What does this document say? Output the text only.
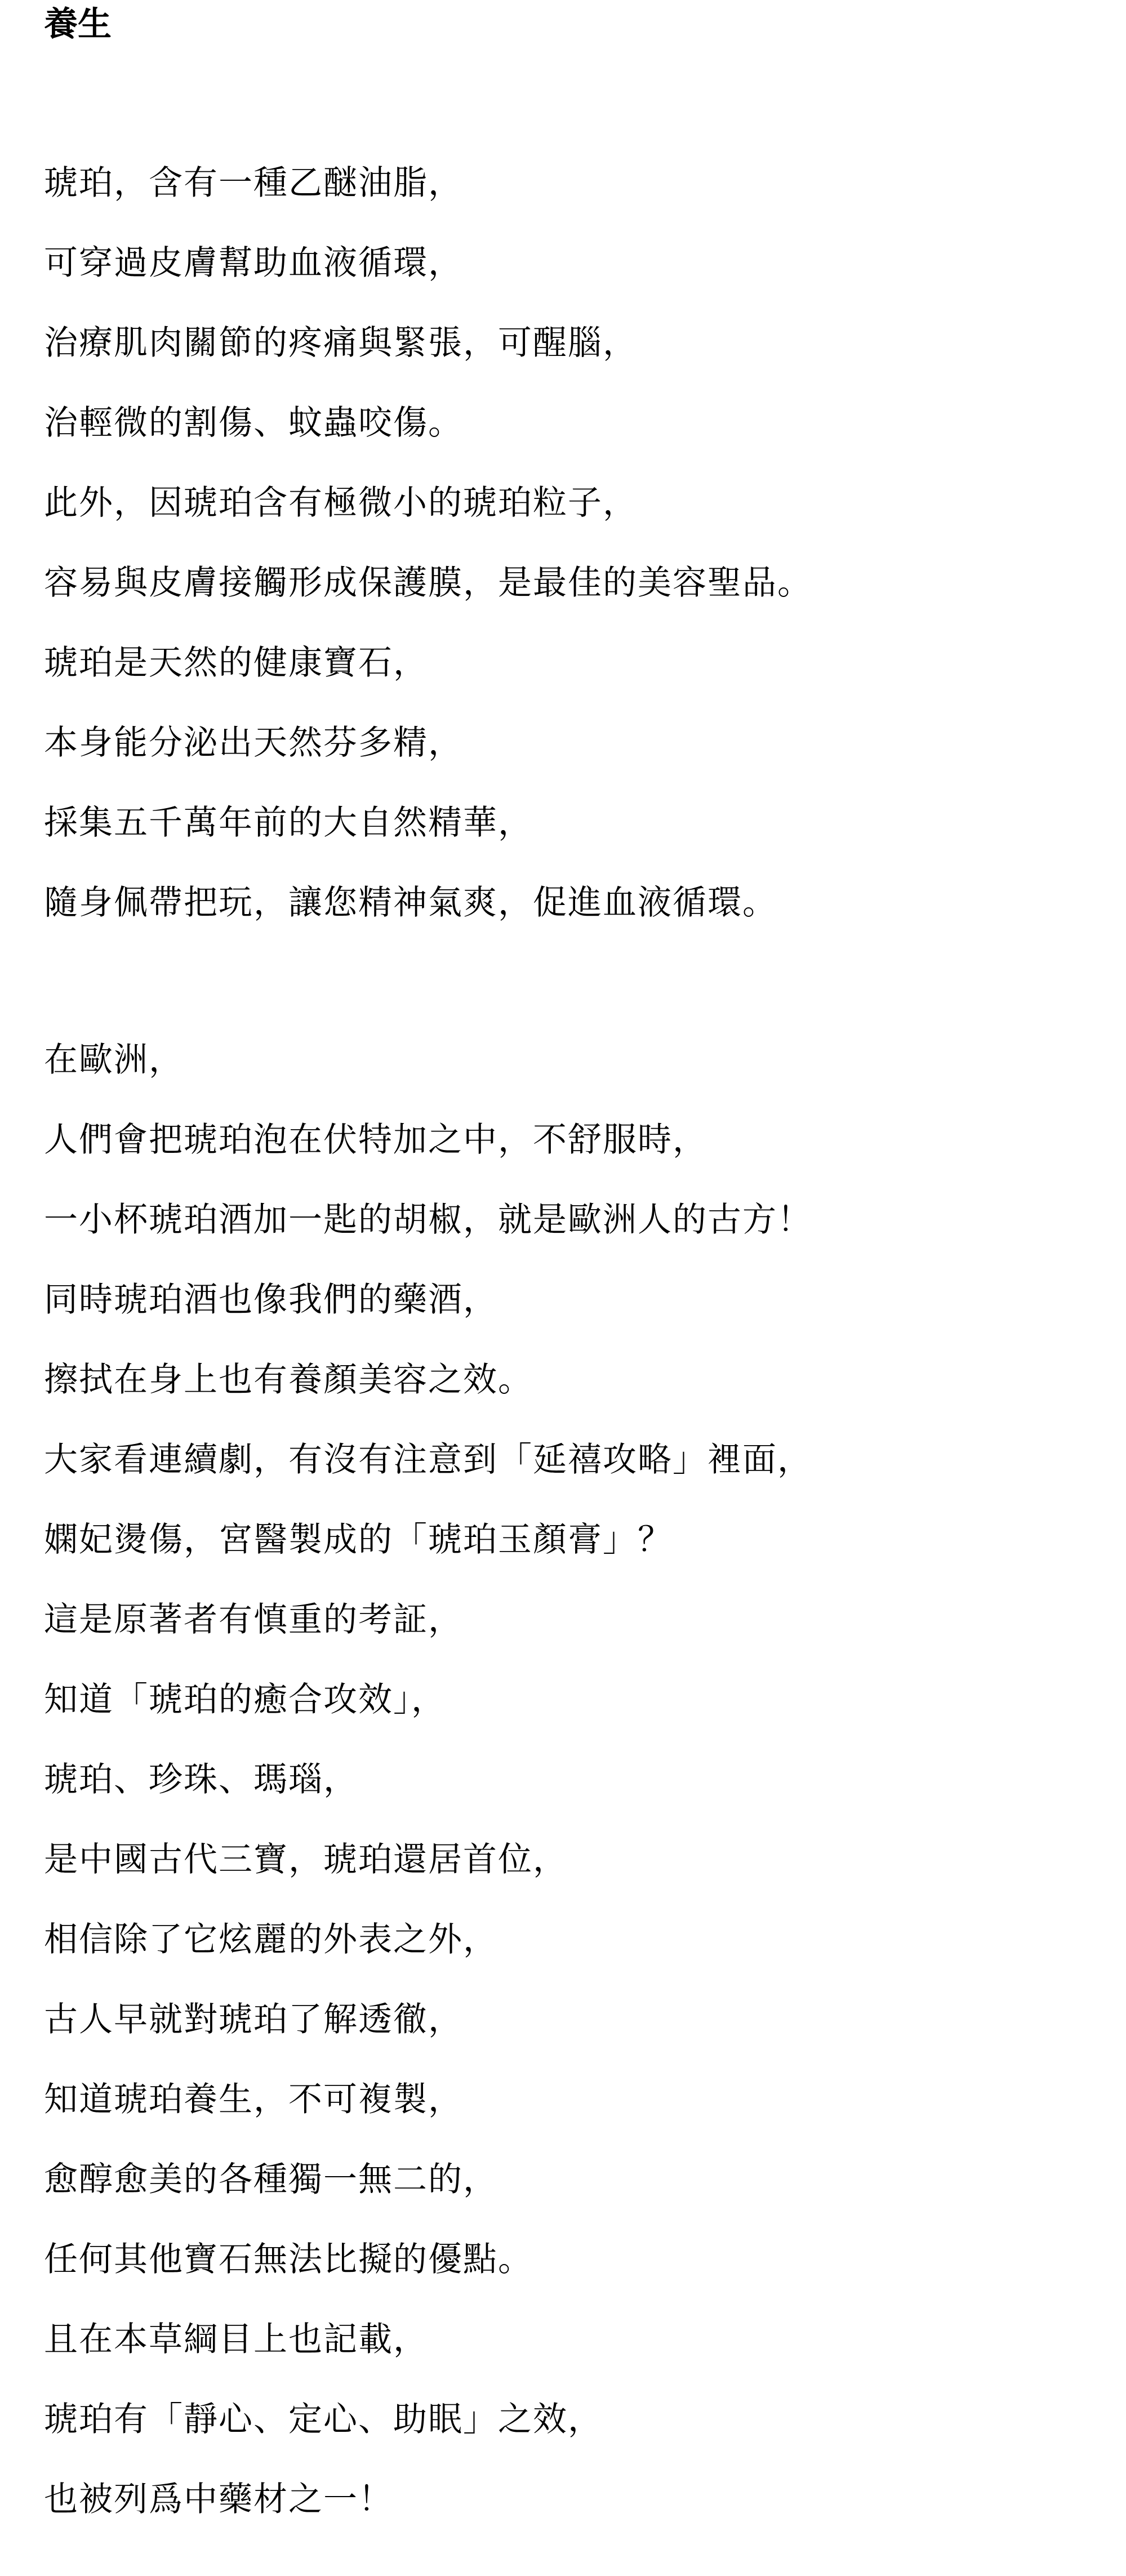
養生
琥珀，含有一種乙醚油脂，
可穿過皮膚幫助血液循環，
治療肌肉關節的疼痛與緊張，可醒腦，
治輕微的割傷、蚊蟲咬傷。
此外，因琥珀含有極微小的琥珀粒子，
容易與皮膚接觸形成保護膜，是最佳的美容聖品。
琥珀是天然的健康寶石，
本身能分泌出天然芬多精，
採集五千萬年前的大自然精華，
隨身佩帶把玩，讓您精神氣爽，促進血液循環。
在歐洲，
人們會把琥珀泡在伏特加之中，不舒服時，
一小杯琥珀酒加一匙的胡椒，就是歐洲人的古方！
同時琥珀酒也像我們的藥酒，
擦拭在身上也有養顏美容之效。
大家看連續劇，有沒有注意到「延禧攻略」裡面，
嫻妃燙傷，宮醫製成的「琥珀玉顏膏」？
這是原著者有慎重的考証，
知道「琥珀的癒合攻效」，
琥珀、珍珠、瑪瑙，
是中國古代三寶，琥珀還居首位，
相信除了它炫麗的外表之外，
古人早就對琥珀了解透徹，
知道琥珀養生，不可複製，
愈醇愈美的各種獨一無二的，
任何其他寶石無法比擬的優點。
且在本草綱目上也記載，
琥珀有「靜心、定心、助眠」之效，
也被列爲中藥材之一！
